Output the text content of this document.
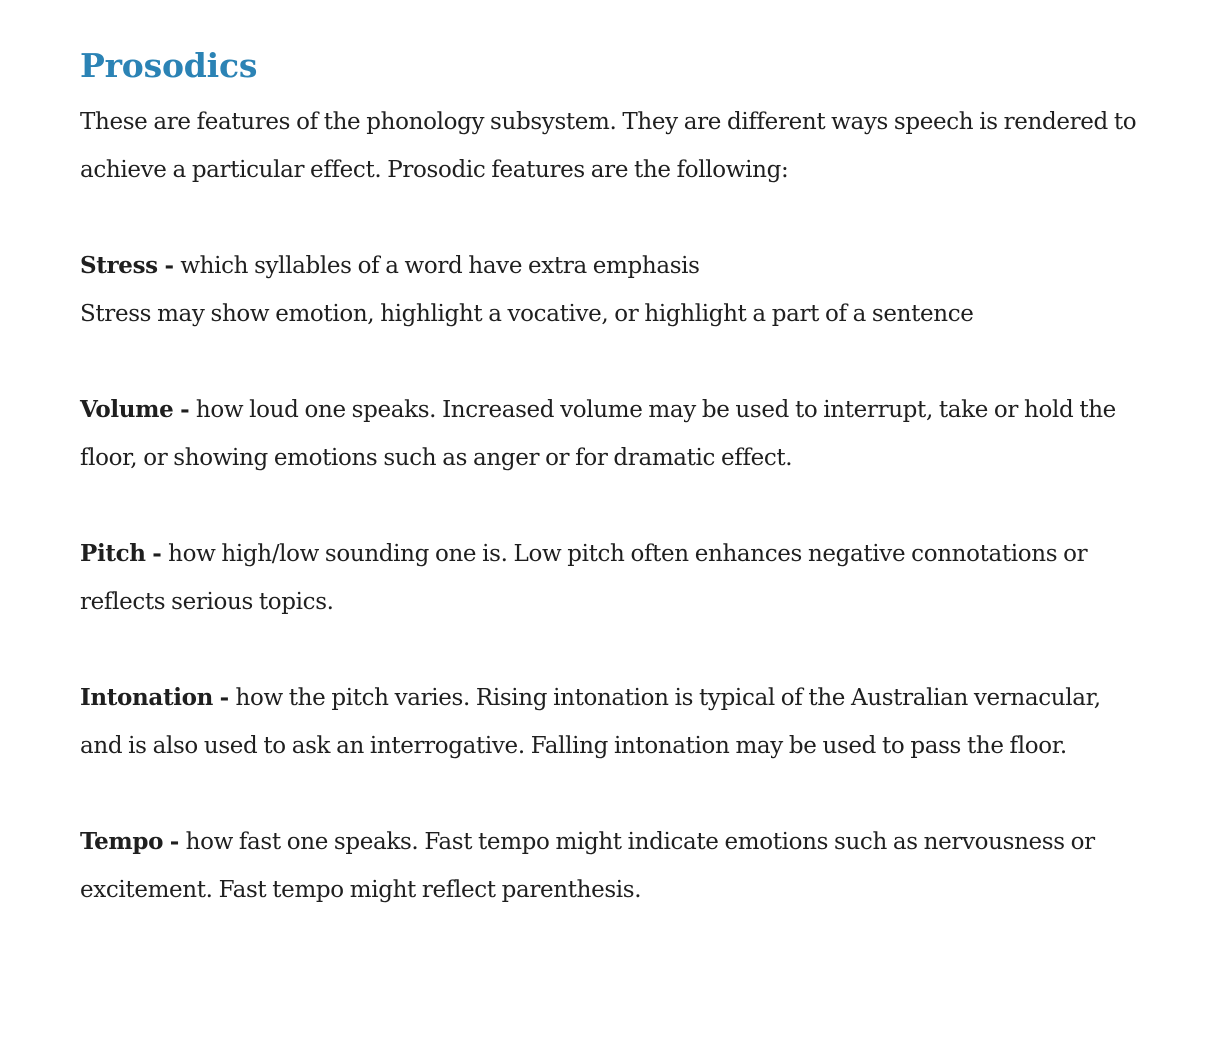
Prosodics

These are features of the phonology subsystem. They are different ways speech is rendered to achieve a particular effect. Prosodic features are the following:

Stress - which syllables of a word have extra emphasis
Stress may show emotion, highlight a vocative, or highlight a part of a sentence

Volume - how loud one speaks. Increased volume may be used to interrupt, take or hold the floor, or showing emotions such as anger or for dramatic effect.

Pitch - how high/low sounding one is. Low pitch often enhances negative connotations or reflects serious topics.

Intonation - how the pitch varies. Rising intonation is typical of the Australian vernacular, and is also used to ask an interrogative. Falling intonation may be used to pass the floor.

Tempo - how fast one speaks. Fast tempo might indicate emotions such as nervousness or excitement. Fast tempo might reflect parenthesis.
